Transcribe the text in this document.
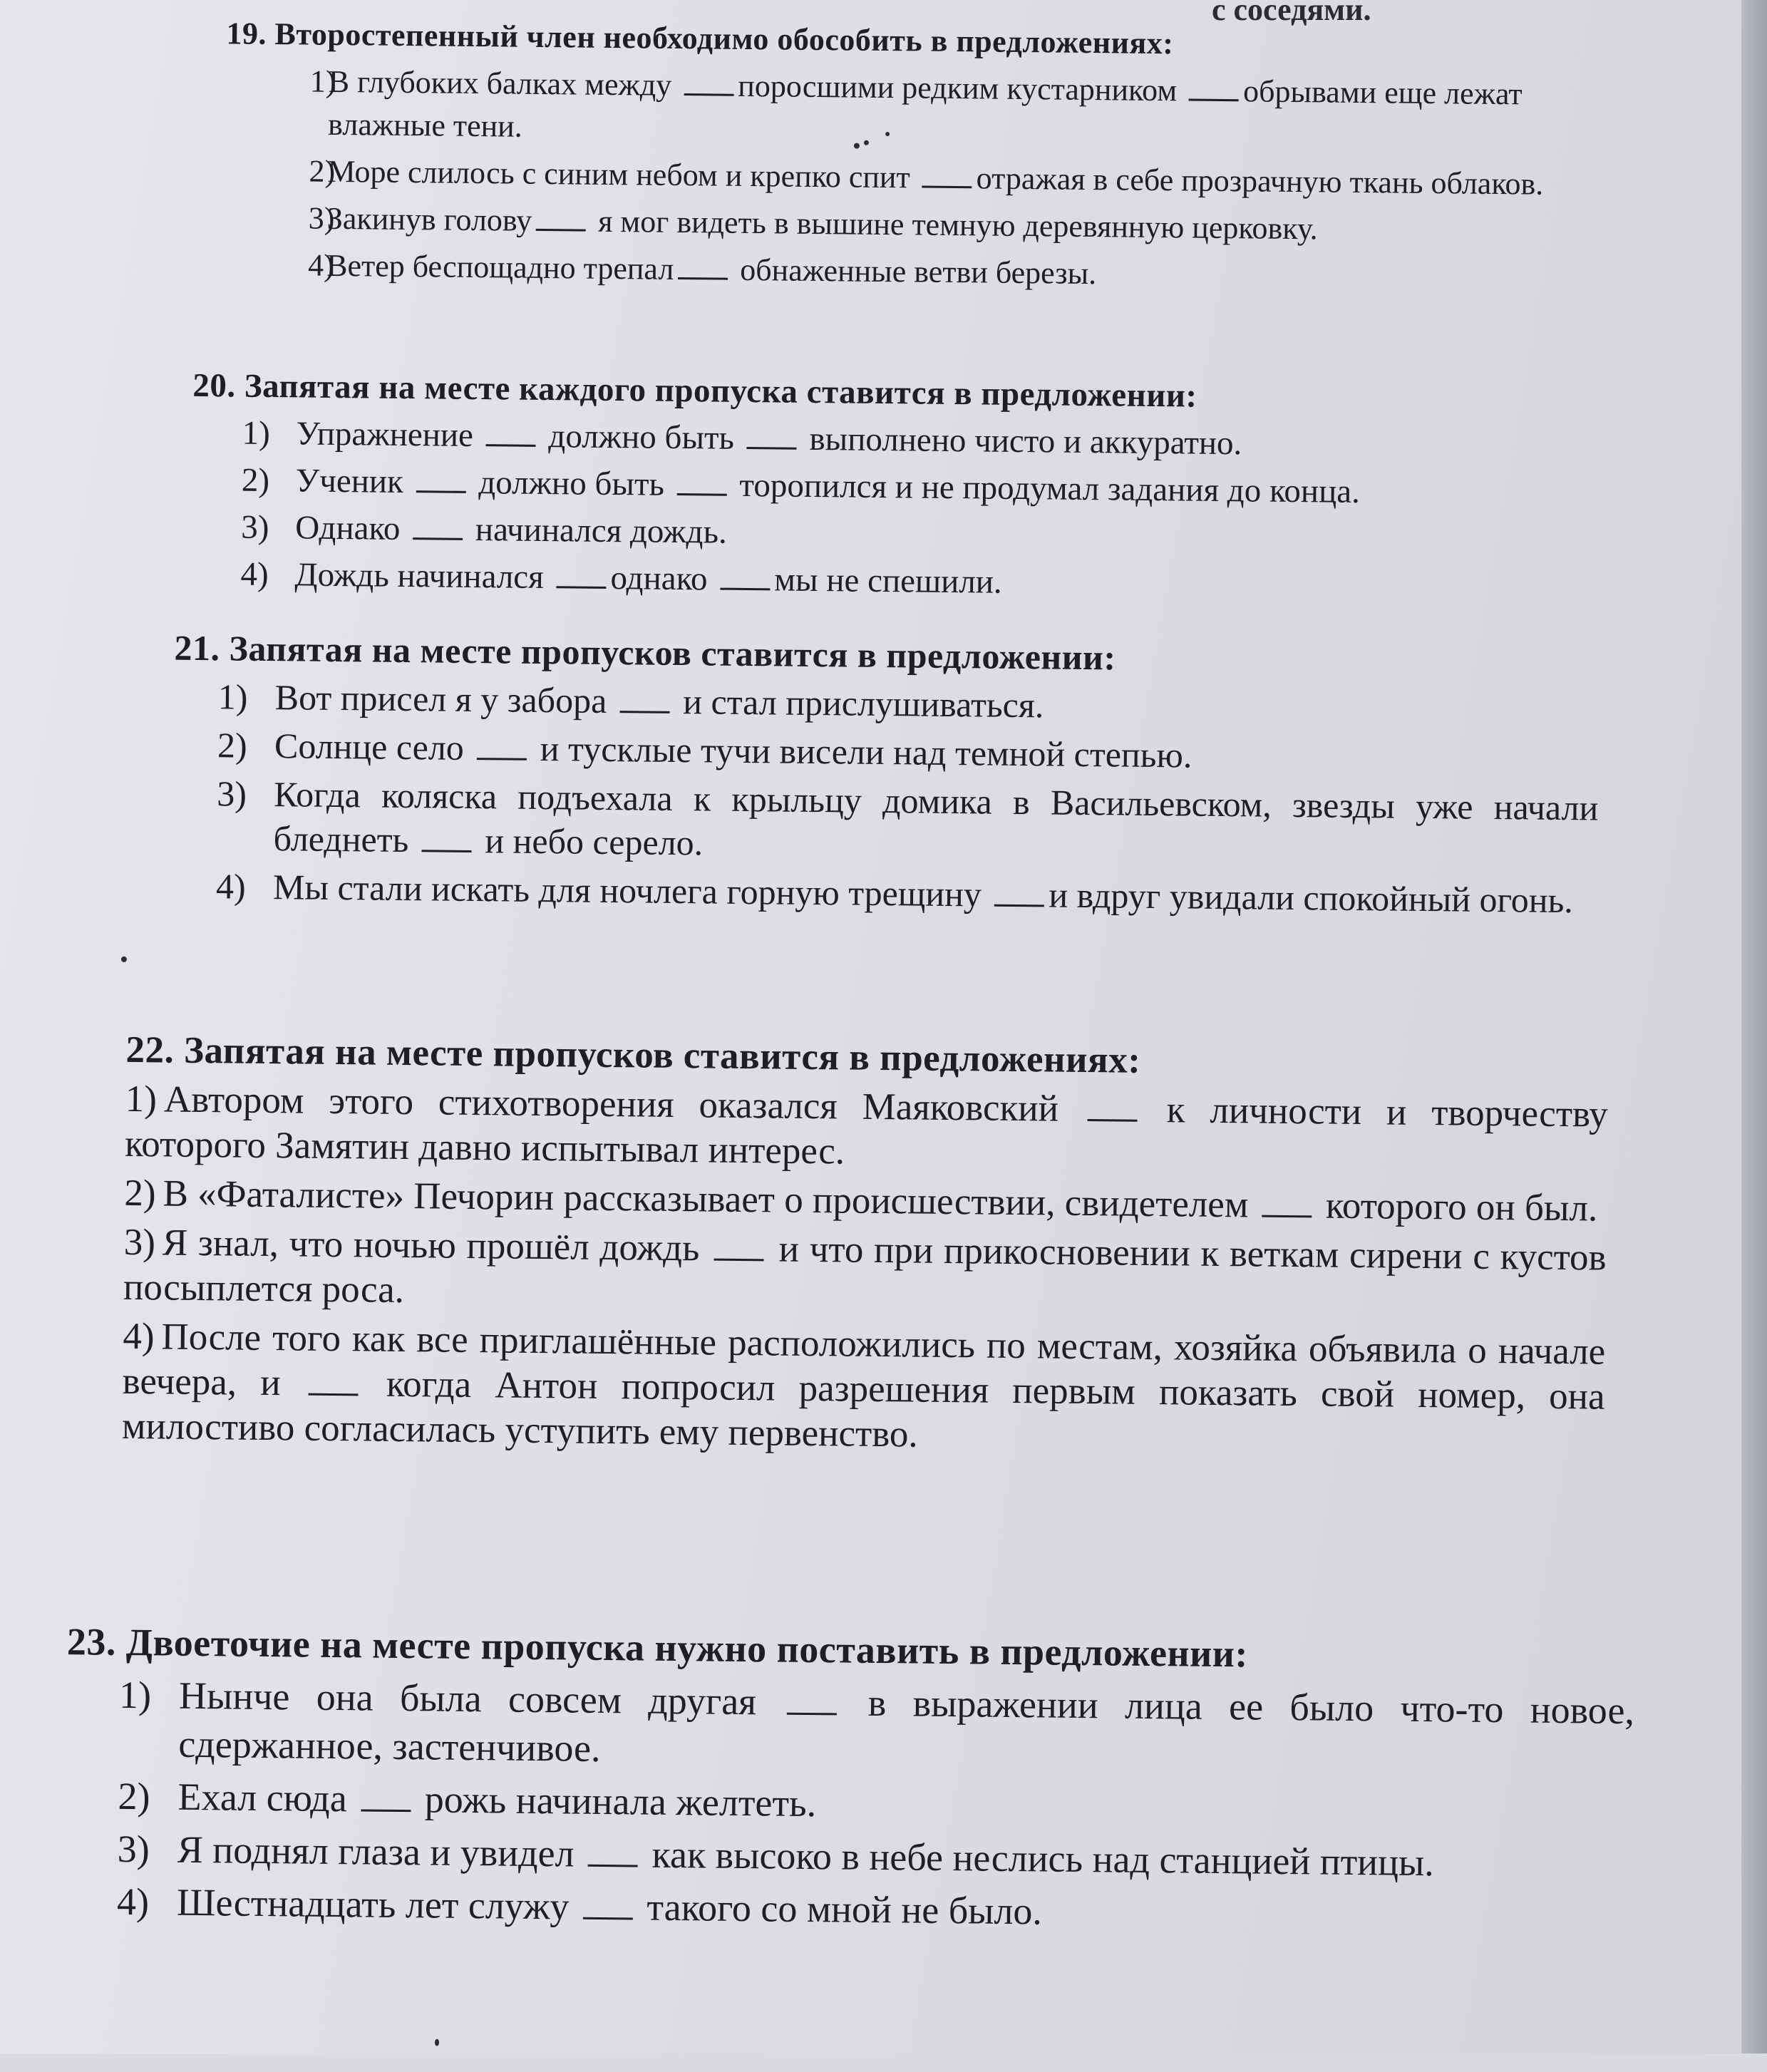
с соседями.
19. Второстепенный член необходимо обособить в предложениях:
1)
В глубоких балках между поросшими редким кустарником обрывами еще лежат влажные тени.
2)
Море слилось с синим небом и крепко спит отражая в себе прозрачную ткань облаков.
3)
Закинув голову я мог видеть в вышине темную деревянную церковку.
4)
Ветер беспощадно трепал обнаженные ветви березы.
20. Запятая на месте каждого пропуска ставится в предложении:
1) Упражнение  должно быть  выполнено чисто и аккуратно.
2) Ученик  должно быть  торопился и не продумал задания до конца.
3) Однако  начинался дождь.
4) Дождь начинался однако мы не спешили.
21. Запятая на месте пропусков ставится в предложении:
1) Вот присел я у забора  и стал прислушиваться.
2) Солнце село  и тусклые тучи висели над темной степью.
3) Когда коляска подъехала к крыльцу домика в Васильевском, звезды уже начали бледнеть  и небо серело.
4) Мы стали искать для ночлега горную трещину и вдруг увидали спокойный огонь.
22. Запятая на месте пропусков ставится в предложениях:
1) Автором этого стихотворения оказался Маяковский  к личности и творчеству которого Замятин давно испытывал интерес.
2) В «Фаталисте» Печорин рассказывает о происшествии, свидетелем  которого он был.
3) Я знал, что ночью прошёл дождь  и что при прикосновении к веткам сирени с кустов посыплется роса.
4) После того как все приглашённые расположились по местам, хозяйка объявила о начале вечера, и  когда Антон попросил разрешения первым показать свой номер, она милостиво согласилась уступить ему первенство.
23. Двоеточие на месте пропуска нужно поставить в предложении:
1) Нынче она была совсем другая  в выражении лица ее было что-то новое, сдержанное, застенчивое.
2) Ехал сюда  рожь начинала желтеть.
3) Я поднял глаза и увидел  как высоко в небе неслись над станцией птицы.
4) Шестнадцать лет служу  такого со мной не было.
